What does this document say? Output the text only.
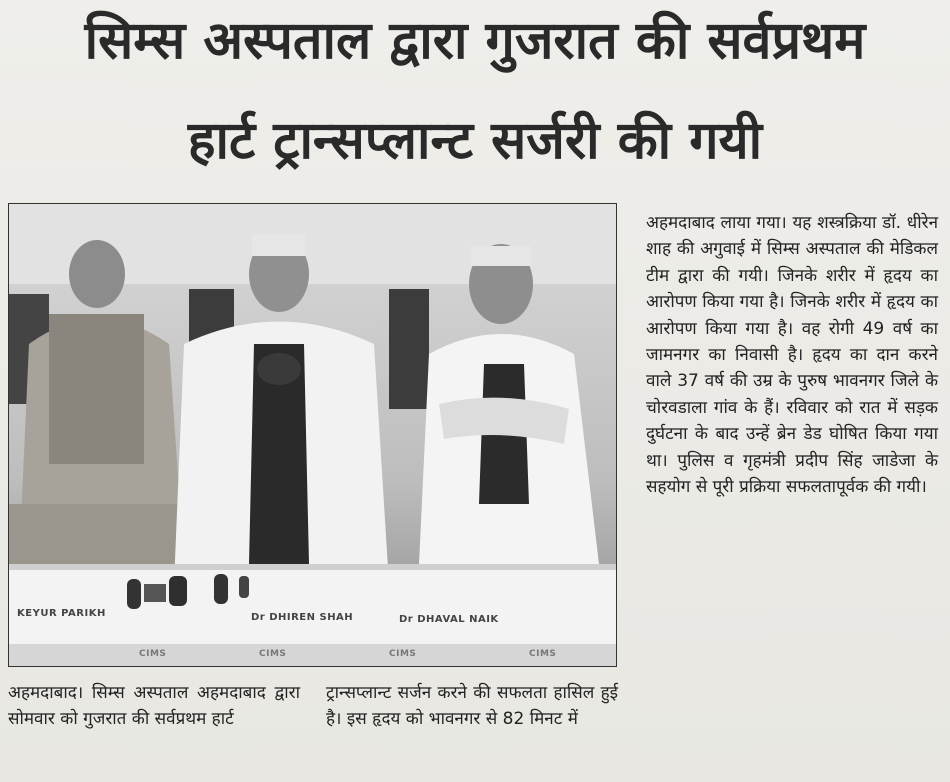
सिम्स अस्पताल द्वारा गुजरात की सर्वप्रथम
हार्ट ट्रान्सप्लान्ट सर्जरी की गयी
KEYUR PARIKH	Dr DHIREN SHAH	Dr DHAVAL NAIK
CIMS	CIMS	CIMS	CIMS

अहमदाबाद लाया गया। यह शस्त्रक्रिया डॉ. धीरेन शाह की अगुवाई में सिम्स अस्पताल की मेडिकल टीम द्वारा की गयी। जिनके शरीर में हृदय का आरोपण किया गया है। जिनके शरीर में हृदय का आरोपण किया गया है। वह रोगी 49 वर्ष का जामनगर का निवासी है। हृदय का दान करने वाले 37 वर्ष की उम्र के पुरुष भावनगर जिले के चोरवडाला गांव के हैं। रविवार को रात में सड़क दुर्घटना के बाद उन्हें ब्रेन डेड घोषित किया गया था। पुलिस व गृहमंत्री प्रदीप सिंह जाडेजा के सहयोग से पूरी प्रक्रिया सफलतापूर्वक की गयी।

अहमदाबाद। सिम्स अस्पताल अहमदाबाद द्वारा सोमवार को गुजरात की सर्वप्रथम हार्ट

ट्रान्सप्लान्ट सर्जन करने की सफलता हासिल हुई है। इस हृदय को भावनगर से 82 मिनट में
